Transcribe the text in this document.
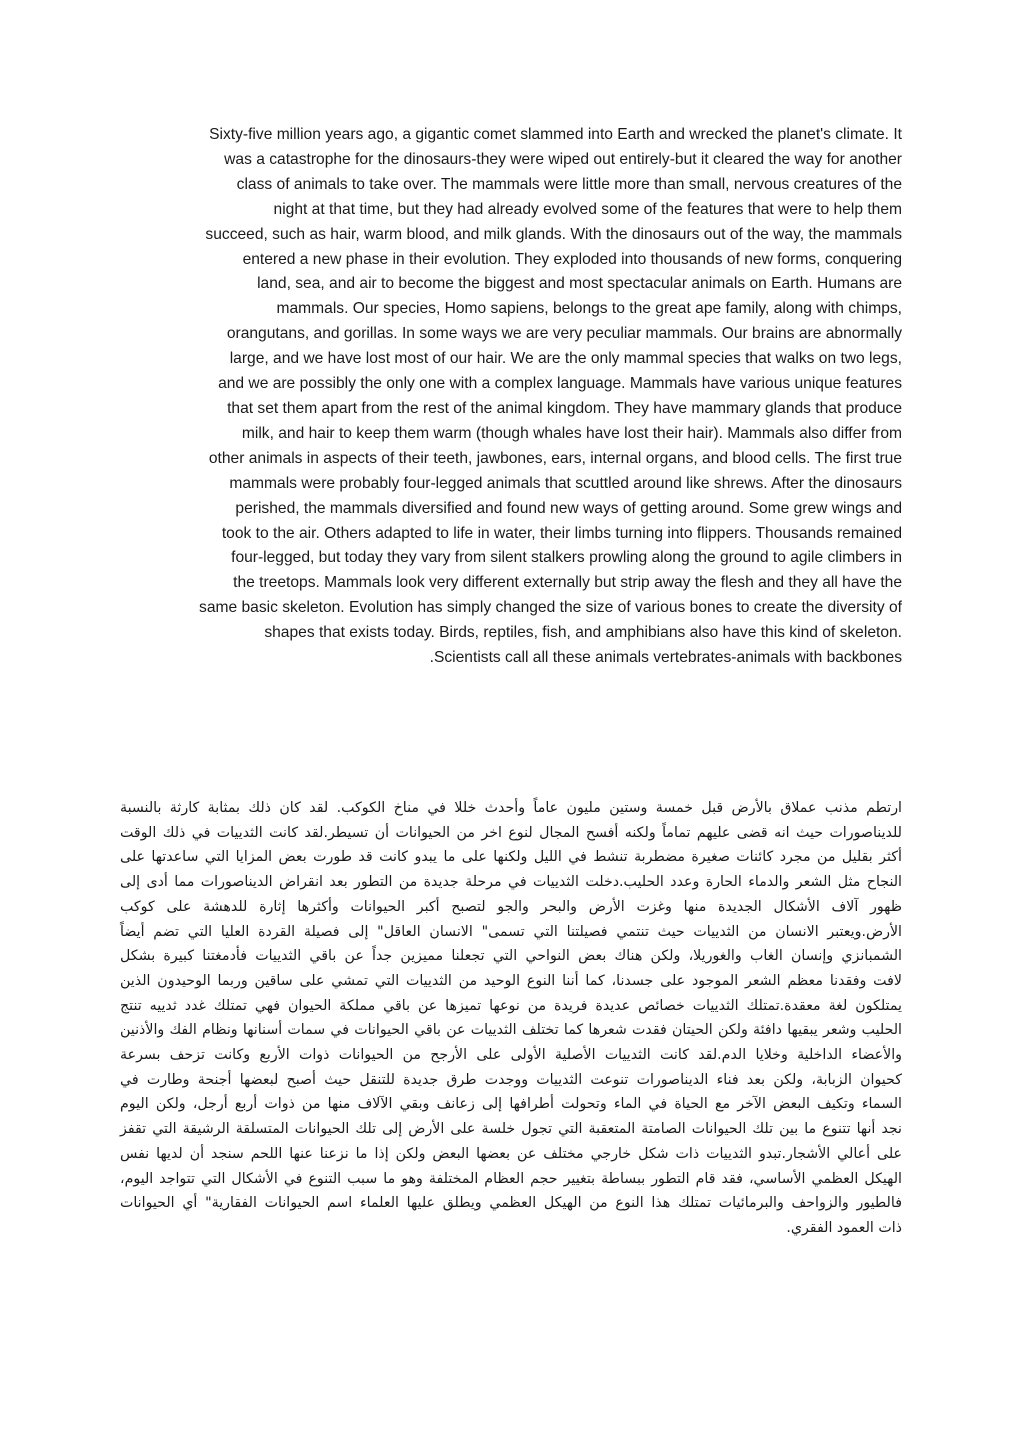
Sixty-five million years ago, a gigantic comet slammed into Earth and wrecked the planet's climate. It
was a catastrophe for the dinosaurs-they were wiped out entirely-but it cleared the way for another
class of animals to take over. The mammals were little more than small, nervous creatures of the
night at that time, but they had already evolved some of the features that were to help them
succeed, such as hair, warm blood, and milk glands. With the dinosaurs out of the way, the mammals
entered a new phase in their evolution. They exploded into thousands of new forms, conquering
land, sea, and air to become the biggest and most spectacular animals on Earth. Humans are
mammals. Our species, Homo sapiens, belongs to the great ape family, along with chimps,
orangutans, and gorillas. In some ways we are very peculiar mammals. Our brains are abnormally
large, and we have lost most of our hair. We are the only mammal species that walks on two legs,
and we are possibly the only one with a complex language. Mammals have various unique features
that set them apart from the rest of the animal kingdom. They have mammary glands that produce
milk, and hair to keep them warm (though whales have lost their hair). Mammals also differ from
other animals in aspects of their teeth, jawbones, ears, internal organs, and blood cells. The first true
mammals were probably four-legged animals that scuttled around like shrews. After the dinosaurs
perished, the mammals diversified and found new ways of getting around. Some grew wings and
took to the air. Others adapted to life in water, their limbs turning into flippers. Thousands remained
four-legged, but today they vary from silent stalkers prowling along the ground to agile climbers in
the treetops. Mammals look very different externally but strip away the flesh and they all have the
same basic skeleton. Evolution has simply changed the size of various bones to create the diversity of
shapes that exists today. Birds, reptiles, fish, and amphibians also have this kind of skeleton.
.Scientists call all these animals vertebrates-animals with backbones
ارتطم مذنب عملاق بالأرض قبل خمسة وستين مليون عاماً وأحدث خللا في مناخ الكوكب. لقد كان ذلك بمثابة كارثة بالنسبة
للديناصورات حيث انه قضى عليهم تماماً ولكنه أفسح المجال لنوع اخر من الحيوانات أن تسيطر.لقد كانت الثدييات في ذلك الوقت
أكثر بقليل من مجرد كائنات صغيرة مضطربة تنشط في الليل ولكنها على ما يبدو كانت قد طورت بعض المزايا التي ساعدتها على
النجاح مثل الشعر والدماء الحارة وعدد الحليب.دخلت الثدييات في مرحلة جديدة من التطور بعد انقراض الديناصورات مما أدى إلى
ظهور آلاف الأشكال الجديدة منها وغزت الأرض والبحر والجو لتصبح أكبر الحيوانات وأكثرها إثارة للدهشة على كوكب
الأرض.ويعتبر الانسان من الثدييات حيث تنتمي فصيلتنا التي تسمى" الانسان العاقل" إلى فصيلة القردة العليا التي تضم أيضاً
الشمبانزي وإنسان الغاب والغوريلا، ولكن هناك بعض النواحي التي تجعلنا مميزين جداً عن باقي الثدييات فأدمغتنا كبيرة بشكل
لافت وفقدنا معظم الشعر الموجود على جسدنا، كما أننا النوع الوحيد من الثدييات التي تمشي على ساقين وربما الوحيدون الذين
يمتلكون لغة معقدة.تمتلك الثدييات خصائص عديدة فريدة من نوعها تميزها عن باقي مملكة الحيوان فهي تمتلك غدد ثدييه تنتج
الحليب وشعر يبقيها دافئة ولكن الحيتان فقدت شعرها كما تختلف الثدييات عن باقي الحيوانات في سمات أسنانها ونظام الفك والأذنين
والأعضاء الداخلية وخلايا الدم.لقد كانت الثدييات الأصلية الأولى على الأرجح من الحيوانات ذوات الأربع وكانت تزحف بسرعة
كحيوان الزبابة، ولكن بعد فناء الديناصورات تنوعت الثدييات ووجدت طرق جديدة للتنقل حيث أصبح لبعضها أجنحة وطارت في
السماء وتكيف البعض الآخر مع الحياة في الماء وتحولت أطرافها إلى زعانف وبقي الآلاف منها من ذوات أربع أرجل، ولكن اليوم
نجد أنها تتنوع ما بين تلك الحيوانات الصامتة المتعقبة التي تجول خلسة على الأرض إلى تلك الحيوانات المتسلقة الرشيقة التي تقفز
على أعالي الأشجار.تبدو الثدييات ذات شكل خارجي مختلف عن بعضها البعض ولكن إذا ما نزعنا عنها اللحم سنجد أن لديها نفس
الهيكل العظمي الأساسي، فقد قام التطور ببساطة بتغيير حجم العظام المختلفة وهو ما سبب التنوع في الأشكال التي تتواجد اليوم،
فالطيور والزواحف والبرمائيات تمتلك هذا النوع من الهيكل العظمي ويطلق عليها العلماء اسم الحيوانات الفقارية" أي الحيوانات
ذات العمود الفقري.
